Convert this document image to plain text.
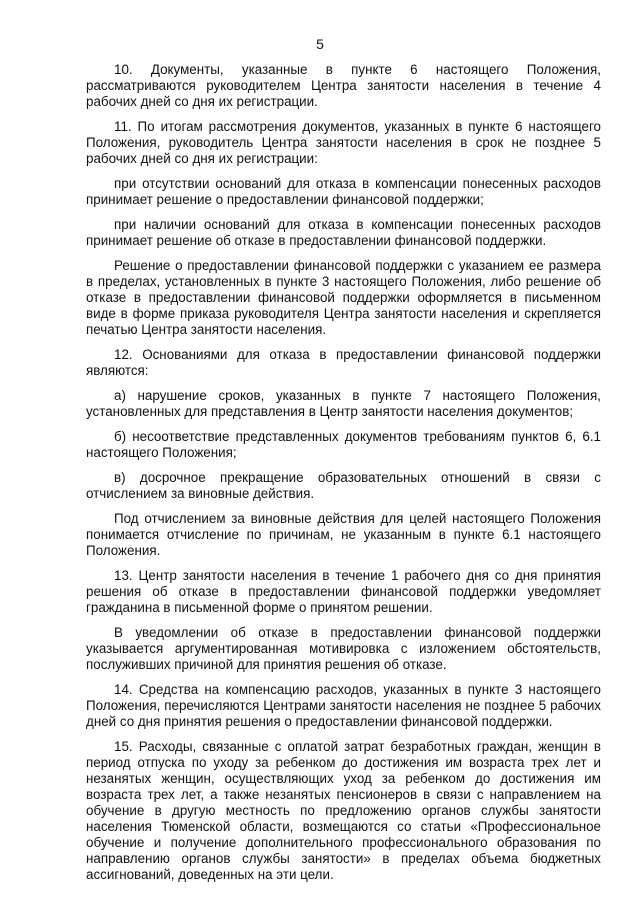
5

10. Документы, указанные в пункте 6 настоящего Положения, рассматриваются руководителем Центра занятости населения в течение 4 рабочих дней со дня их регистрации.

11. По итогам рассмотрения документов, указанных в пункте 6 настоящего Положения, руководитель Центра занятости населения в срок не позднее 5 рабочих дней со дня их регистрации:

при отсутствии оснований для отказа в компенсации понесенных расходов принимает решение о предоставлении финансовой поддержки;

при наличии оснований для отказа в компенсации понесенных расходов принимает решение об отказе в предоставлении финансовой поддержки.

Решение о предоставлении финансовой поддержки с указанием ее размера в пределах, установленных в пункте 3 настоящего Положения, либо решение об отказе в предоставлении финансовой поддержки оформляется в письменном виде в форме приказа руководителя Центра занятости населения и скрепляется печатью Центра занятости населения.

12. Основаниями для отказа в предоставлении финансовой поддержки являются:

а) нарушение сроков, указанных в пункте 7 настоящего Положения, установленных для представления в Центр занятости населения документов;

б) несоответствие представленных документов требованиям пунктов 6, 6.1 настоящего Положения;

в) досрочное прекращение образовательных отношений в связи с отчислением за виновные действия.

Под отчислением за виновные действия для целей настоящего Положения понимается отчисление по причинам, не указанным в пункте 6.1 настоящего Положения.

13. Центр занятости населения в течение 1 рабочего дня со дня принятия решения об отказе в предоставлении финансовой поддержки уведомляет гражданина в письменной форме о принятом решении.

В уведомлении об отказе в предоставлении финансовой поддержки указывается аргументированная мотивировка с изложением обстоятельств, послуживших причиной для принятия решения об отказе.

14. Средства на компенсацию расходов, указанных в пункте 3 настоящего Положения, перечисляются Центрами занятости населения не позднее 5 рабочих дней со дня принятия решения о предоставлении финансовой поддержки.

15. Расходы, связанные с оплатой затрат безработных граждан, женщин в период отпуска по уходу за ребенком до достижения им возраста трех лет и незанятых женщин, осуществляющих уход за ребенком до достижения им возраста трех лет, а также незанятых пенсионеров в связи с направлением на обучение в другую местность по предложению органов службы занятости населения Тюменской области, возмещаются со статьи «Профессиональное обучение и получение дополнительного профессионального образования по направлению органов службы занятости» в пределах объема бюджетных ассигнований, доведенных на эти цели.
